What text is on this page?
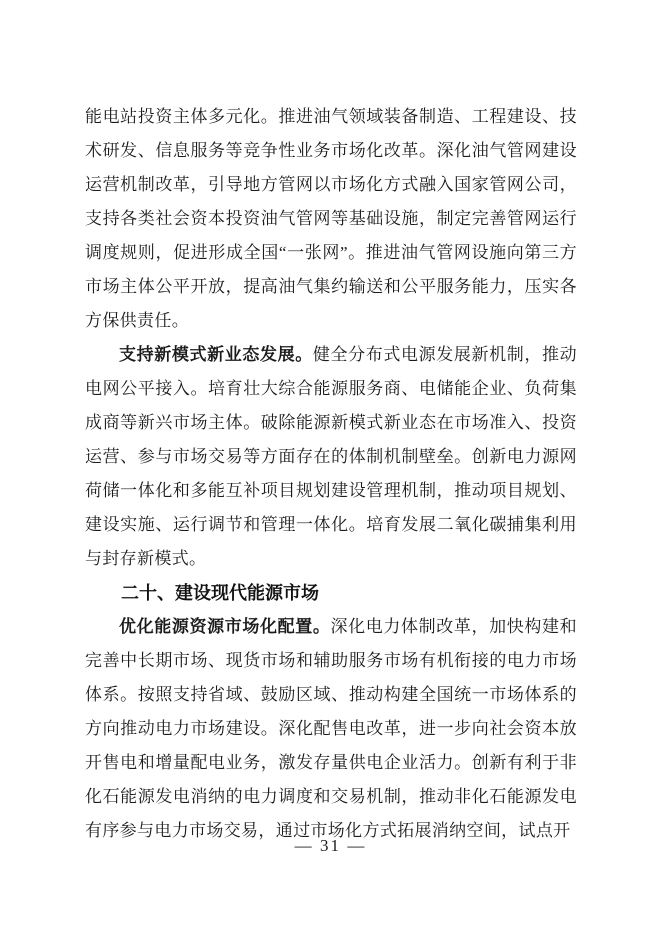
能电站投资主体多元化。推进油气领域装备制造、工程建设、技术研发、信息服务等竞争性业务市场化改革。深化油气管网建设运营机制改革，引导地方管网以市场化方式融入国家管网公司，支持各类社会资本投资油气管网等基础设施，制定完善管网运行调度规则，促进形成全国“一张网”。推进油气管网设施向第三方市场主体公平开放，提高油气集约输送和公平服务能力，压实各方保供责任。

支持新模式新业态发展。健全分布式电源发展新机制，推动电网公平接入。培育壮大综合能源服务商、电储能企业、负荷集成商等新兴市场主体。破除能源新模式新业态在市场准入、投资运营、参与市场交易等方面存在的体制机制壁垒。创新电力源网荷储一体化和多能互补项目规划建设管理机制，推动项目规划、建设实施、运行调节和管理一体化。培育发展二氧化碳捕集利用与封存新模式。

二十、建设现代能源市场

优化能源资源市场化配置。深化电力体制改革，加快构建和完善中长期市场、现货市场和辅助服务市场有机衔接的电力市场体系。按照支持省域、鼓励区域、推动构建全国统一市场体系的方向推动电力市场建设。深化配售电改革，进一步向社会资本放开售电和增量配电业务，激发存量供电企业活力。创新有利于非化石能源发电消纳的电力调度和交易机制，推动非化石能源发电有序参与电力市场交易，通过市场化方式拓展消纳空间，试点开

— 31 —
